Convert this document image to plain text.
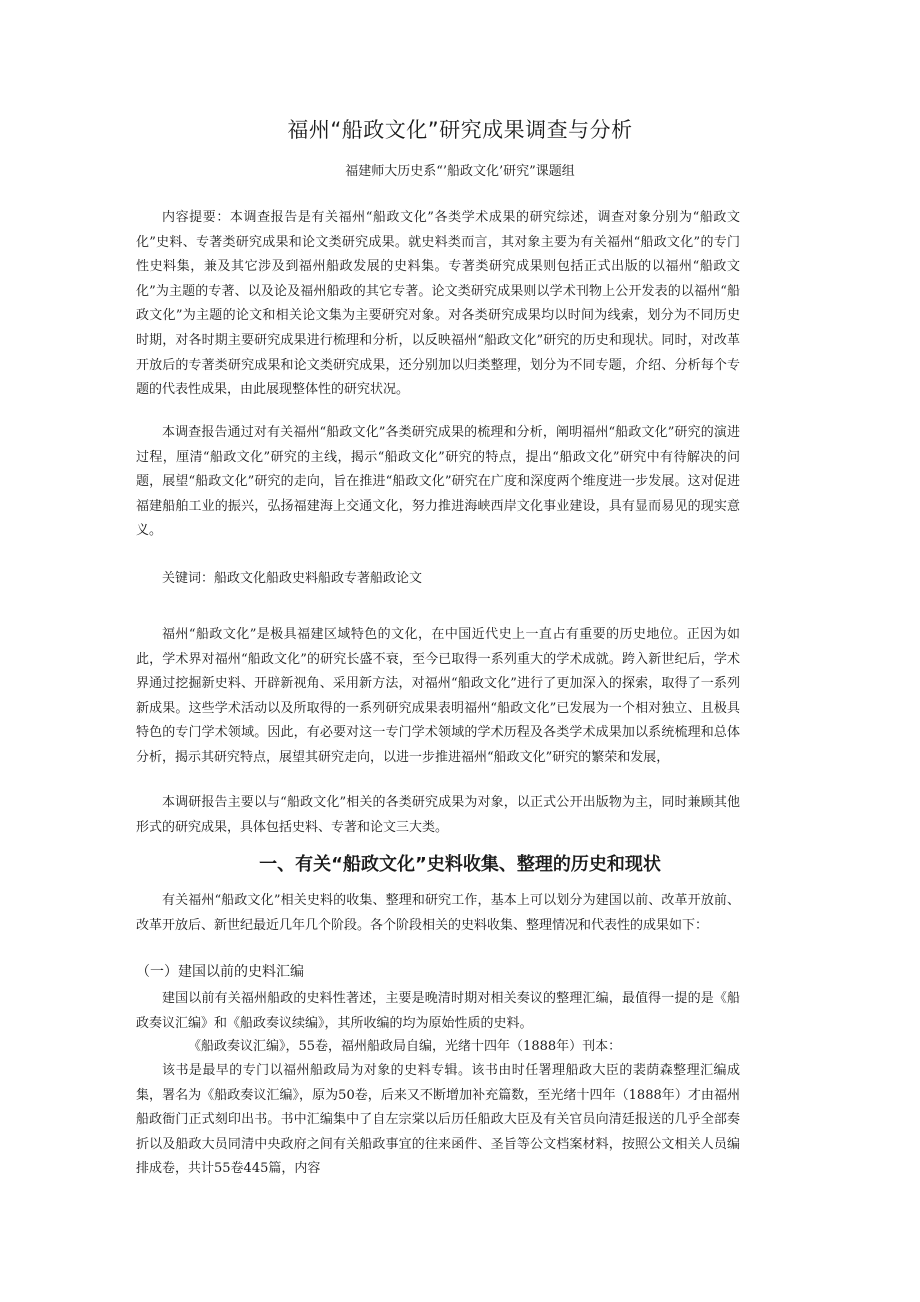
福州“船政文化”研究成果调查与分析

福建师大历史系“’船政文化’研究”课题组

内容提要：本调查报告是有关福州“船政文化”各类学术成果的研究综述，调查对象分别为“船政文化”史料、专著类研究成果和论文类研究成果。就史料类而言，其对象主要为有关福州“船政文化”的专门性史料集，兼及其它涉及到福州船政发展的史料集。专著类研究成果则包括正式出版的以福州“船政文化”为主题的专著、以及论及福州船政的其它专著。论文类研究成果则以学术刊物上公开发表的以福州“船政文化”为主题的论文和相关论文集为主要研究对象。对各类研究成果均以时间为线索，划分为不同历史时期，对各时期主要研究成果进行梳理和分析，以反映福州“船政文化”研究的历史和现状。同时，对改革开放后的专著类研究成果和论文类研究成果，还分别加以归类整理，划分为不同专题，介绍、分析每个专题的代表性成果，由此展现整体性的研究状况。

本调查报告通过对有关福州“船政文化”各类研究成果的梳理和分析，阐明福州“船政文化”研究的演进过程，厘清“船政文化”研究的主线，揭示“船政文化”研究的特点，提出“船政文化”研究中有待解决的问题，展望“船政文化”研究的走向，旨在推进“船政文化”研究在广度和深度两个维度进一步发展。这对促进福建船舶工业的振兴，弘扬福建海上交通文化，努力推进海峡西岸文化事业建设，具有显而易见的现实意义。

关键词：船政文化船政史料船政专著船政论文

福州“船政文化”是极具福建区域特色的文化，在中国近代史上一直占有重要的历史地位。正因为如此，学术界对福州“船政文化”的研究长盛不衰，至今已取得一系列重大的学术成就。跨入新世纪后，学术界通过挖掘新史料、开辟新视角、采用新方法，对福州“船政文化”进行了更加深入的探索，取得了一系列新成果。这些学术活动以及所取得的一系列研究成果表明福州“船政文化”已发展为一个相对独立、且极具特色的专门学术领域。因此，有必要对这一专门学术领域的学术历程及各类学术成果加以系统梳理和总体分析，揭示其研究特点，展望其研究走向，以进一步推进福州“船政文化”研究的繁荣和发展，

本调研报告主要以与“船政文化”相关的各类研究成果为对象，以正式公开出版物为主，同时兼顾其他形式的研究成果，具体包括史料、专著和论文三大类。

一、有关“船政文化”史料收集、整理的历史和现状

有关福州“船政文化”相关史料的收集、整理和研究工作，基本上可以划分为建国以前、改革开放前、改革开放后、新世纪最近几年几个阶段。各个阶段相关的史料收集、整理情况和代表性的成果如下：

（一）建国以前的史料汇编

建国以前有关福州船政的史料性著述，主要是晚清时期对相关奏议的整理汇编，最值得一提的是《船政奏议汇编》和《船政奏议续编》，其所收编的均为原始性质的史料。

《船政奏议汇编》，55卷，福州船政局自编，光绪十四年（1888年）刊本：

该书是最早的专门以福州船政局为对象的史料专辑。该书由时任署理船政大臣的裴荫森整理汇编成集，署名为《船政奏议汇编》，原为50卷，后来又不断增加补充篇数，至光绪十四年（1888年）才由福州船政衙门正式刻印出书。书中汇编集中了自左宗棠以后历任船政大臣及有关官员向清廷报送的几乎全部奏折以及船政大员同清中央政府之间有关船政事宜的往来函件、圣旨等公文档案材料，按照公文相关人员编排成卷，共计55卷445篇，内容
